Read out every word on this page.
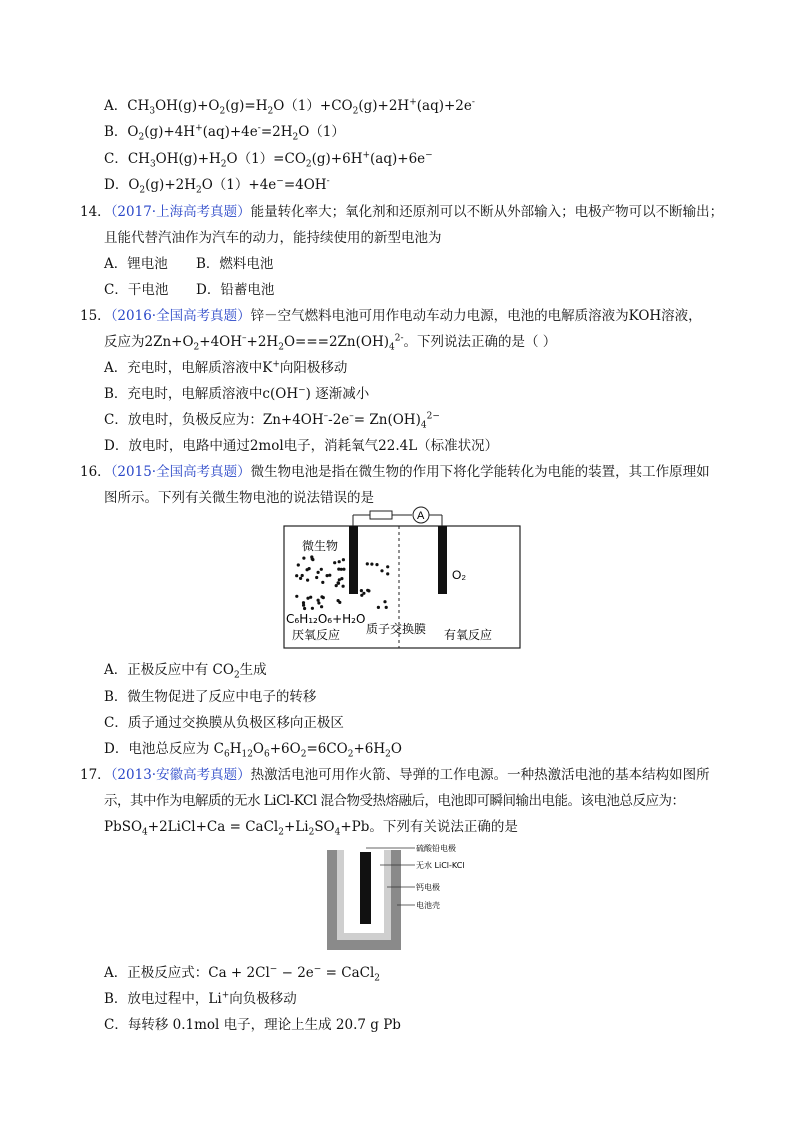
A．$CH_3OH(g)+O_2(g)=H_2O(1)+CO_2(g)+2H^+(aq)+2e^-$
B．$O_2(g)+4H^+(aq)+4e^-=2H_2O(1)$
C．$CH_3OH(g)+H_2O(1)=CO_2(g)+6H^+(aq)+6e^-$
D．$O_2(g)+2H_2O(1)+4e^-=4OH^-$
14．（2017·上海高考真题）能量转化率大；氧化剂和还原剂可以不断从外部输入；电极产物可以不断输出；
且能代替汽油作为汽车的动力，能持续使用的新型电池为
A．锂电池 B．燃料电池
C．干电池 D．铅蓄电池
15．（2016·全国高考真题）锌－空气燃料电池可用作电动车动力电源，电池的电解质溶液为KOH溶液，
反应为$2Zn+O_2+4OH^-+2H_2O===2Zn(OH)_4^{2-}$。下列说法正确的是（ ）
A．充电时，电解质溶液中K+向阳极移动
B．充电时，电解质溶液中c(OH−) 逐渐减小
C．放电时，负极反应为：$Zn+4OH^--2e^-= Zn(OH)_4^{2-}$
D．放电时，电路中通过2mol电子，消耗氧气22.4L（标准状况）
16．（2015·全国高考真题）微生物电池是指在微生物的作用下将化学能转化为电能的装置，其工作原理如
图所示。下列有关微生物电池的说法错误的是
A
微生物
O₂
C₆H₁₂O₆+H₂O
厌氧反应 质子交换膜 有氧反应
A．正极反应中有 $CO_2$生成
B．微生物促进了反应中电子的转移
C．质子通过交换膜从负极区移向正极区
D．电池总反应为 $C_6H_{12}O_6+6O_2=6CO_2+6H_2O$
17．（2013·安徽高考真题）热激活电池可用作火箭、导弹的工作电源。一种热激活电池的基本结构如图所
示，其中作为电解质的无水 LiCl-KCl 混合物受热熔融后，电池即可瞬间输出电能。该电池总反应为：
PbSO$_4$+2LiCl+Ca = $CaCl_2+Li_2SO_4+Pb$。下列有关说法正确的是
硫酸铅电极
无水 LiCl-KCl
钙电极
电池壳
A．正极反应式：Ca + 2Cl− − 2e− = CaCl$_2$
B．放电过程中，Li+向负极移动
C．每转移 0.1mol 电子，理论上生成 20.7 g Pb
